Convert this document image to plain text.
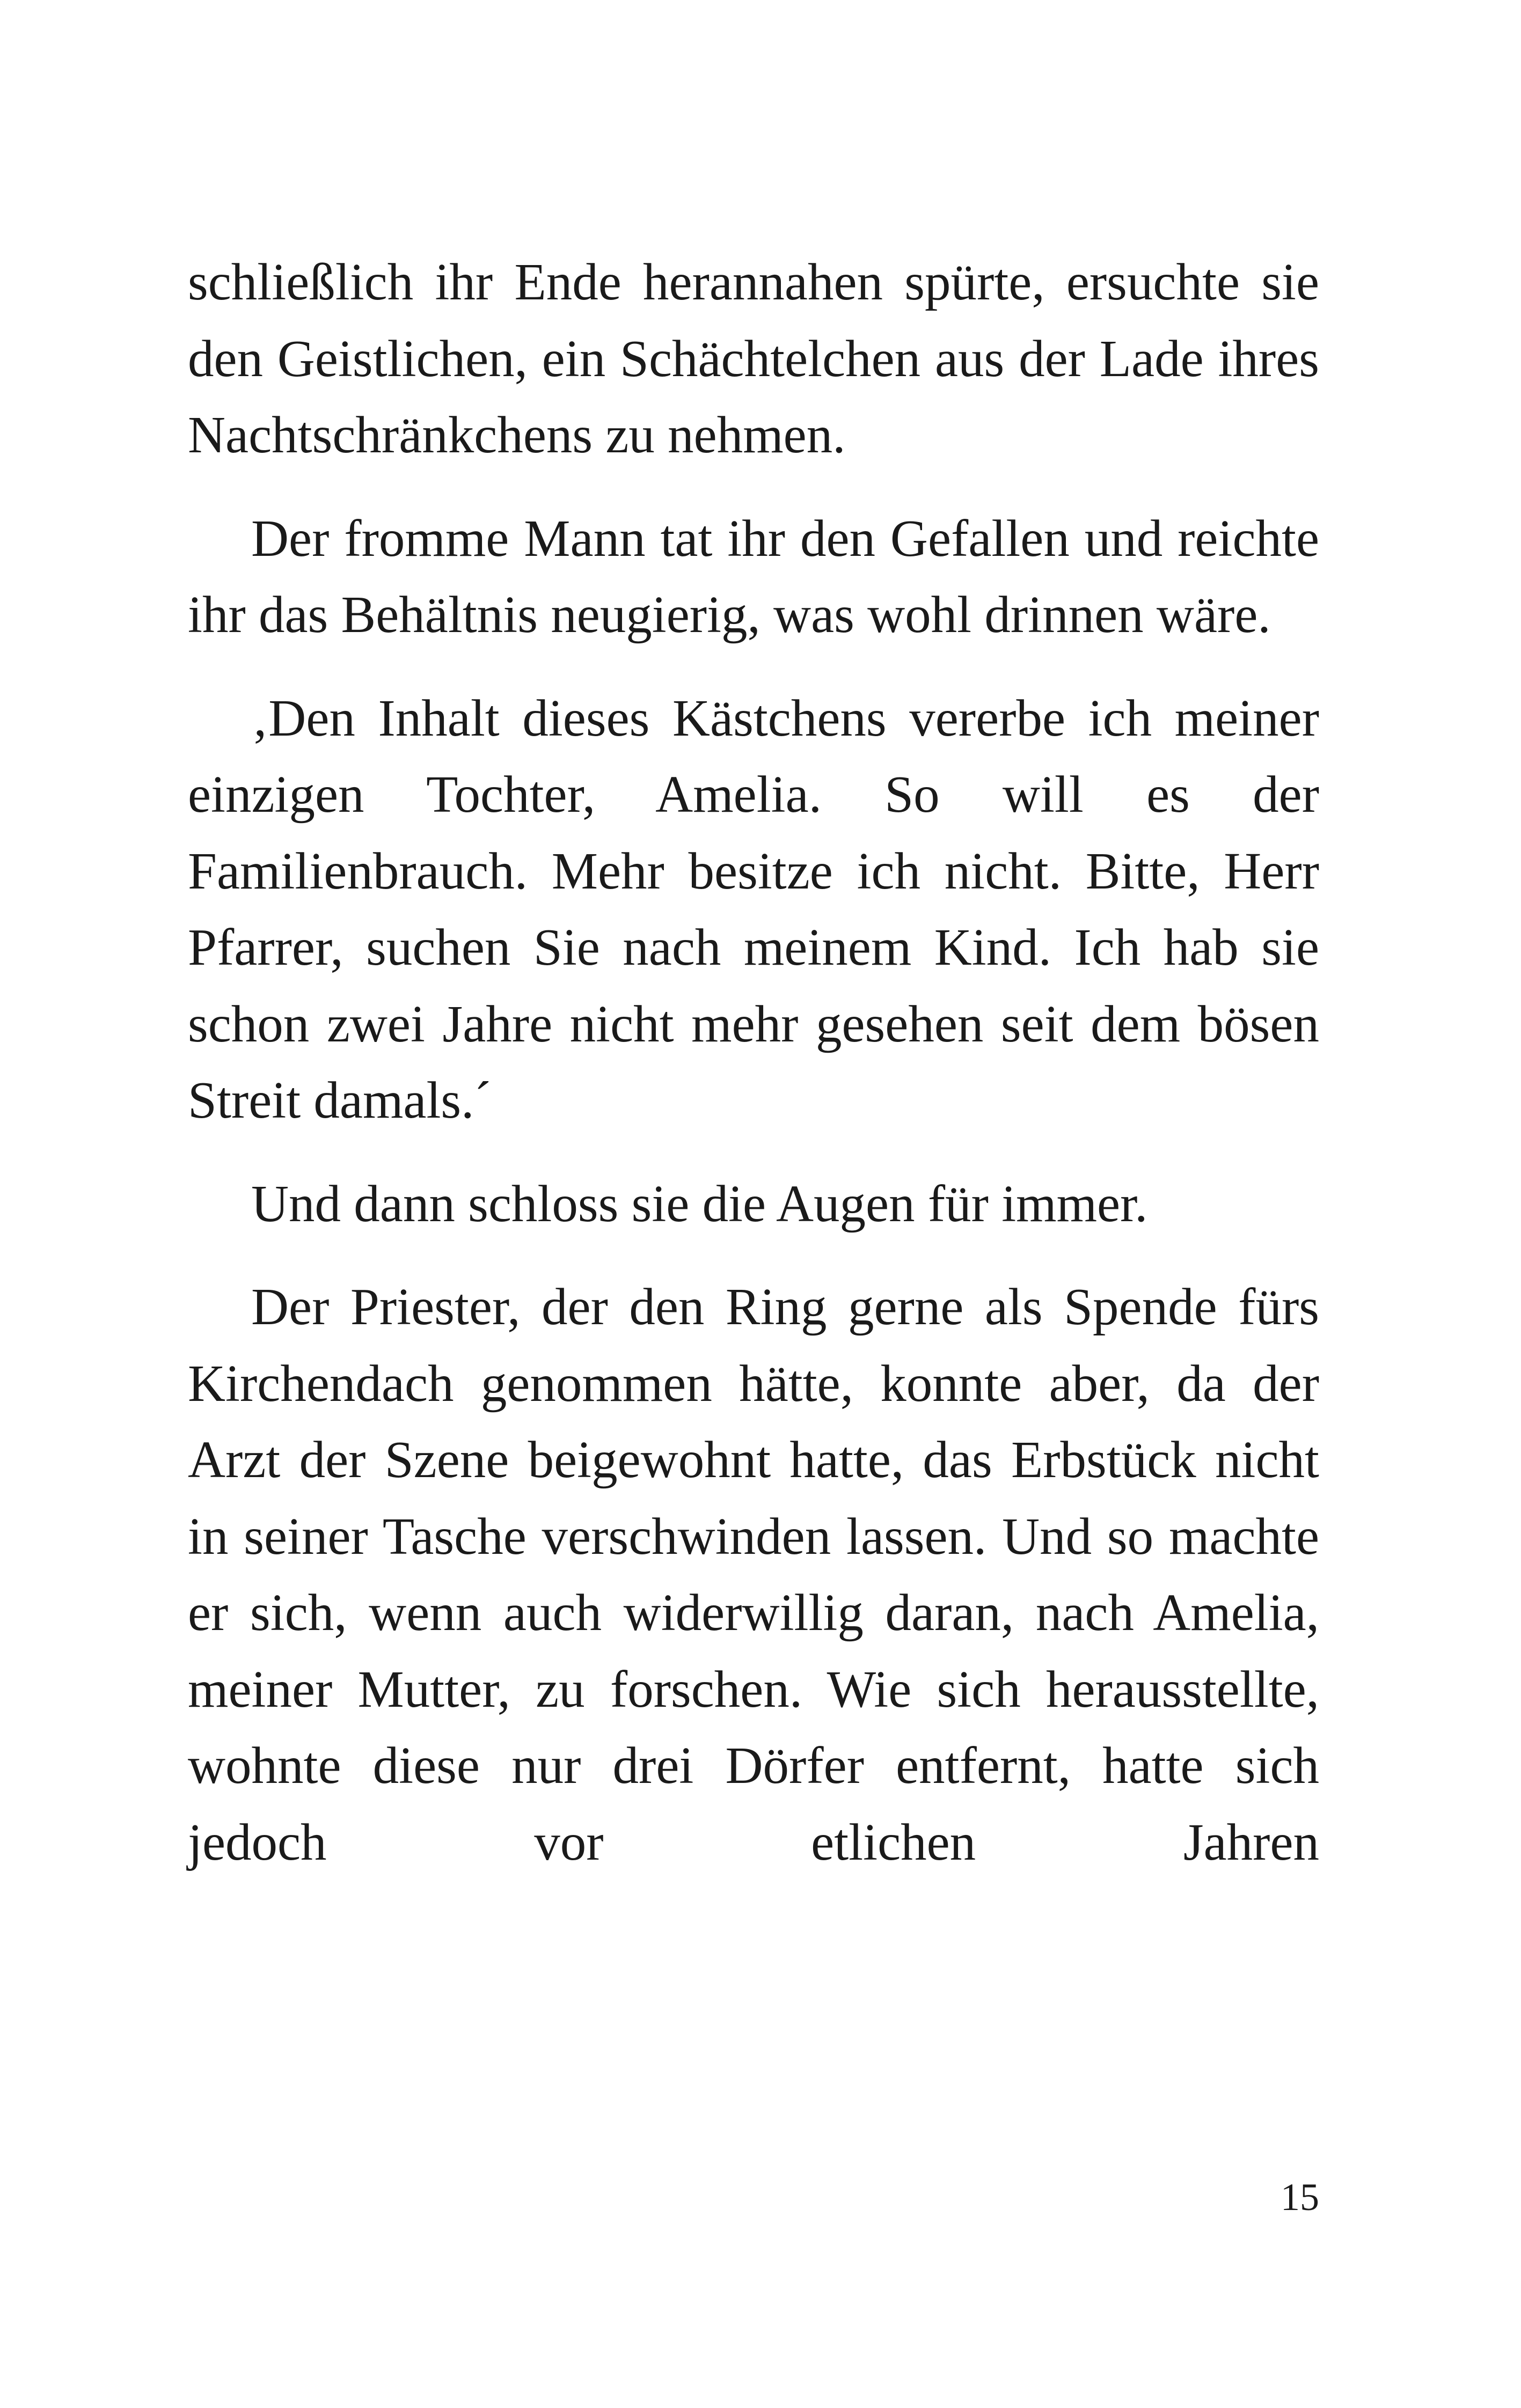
schließlich ihr Ende herannahen spürte, ersuchte sie den Geistlichen, ein Schächtelchen aus der Lade ihres Nachtschränkchens zu nehmen.

Der fromme Mann tat ihr den Gefallen und reichte ihr das Behältnis neugierig, was wohl drinnen wäre.

‚Den Inhalt dieses Kästchens vererbe ich meiner einzigen Tochter, Amelia. So will es der Familienbrauch. Mehr besitze ich nicht. Bitte, Herr Pfarrer, suchen Sie nach meinem Kind. Ich hab sie schon zwei Jahre nicht mehr gesehen seit dem bösen Streit damals.´

Und dann schloss sie die Augen für immer.

Der Priester, der den Ring gerne als Spende fürs Kirchendach genommen hätte, konnte aber, da der Arzt der Szene beigewohnt hatte, das Erbstück nicht in seiner Tasche verschwinden lassen. Und so machte er sich, wenn auch widerwillig daran, nach Amelia, meiner Mutter, zu forschen. Wie sich herausstellte, wohnte diese nur drei Dörfer entfernt, hatte sich jedoch vor etlichen Jahren

15
